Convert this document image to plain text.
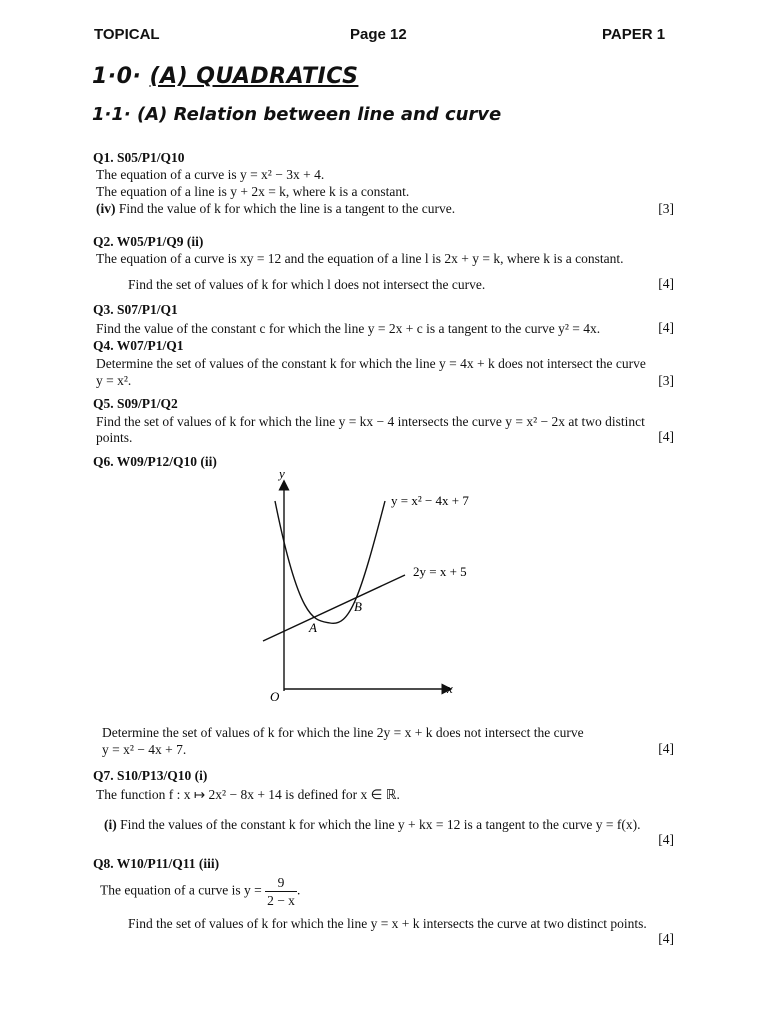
TOPICAL	Page 12	PAPER 1
1·0· (A) QUADRATICS
1·1· (A) Relation between line and curve
Q1. S05/P1/Q10
The equation of a curve is y = x² − 3x + 4.
The equation of a line is y + 2x = k, where k is a constant.
(iv) Find the value of k for which the line is a tangent to the curve.	[3]
Q2. W05/P1/Q9 (ii)
The equation of a curve is xy = 12 and the equation of a line l is 2x + y = k, where k is a constant.
Find the set of values of k for which l does not intersect the curve.	[4]
Q3. S07/P1/Q1
Find the value of the constant c for which the line y = 2x + c is a tangent to the curve y² = 4x.	[4]
Q4. W07/P1/Q1
Determine the set of values of the constant k for which the line y = 4x + k does not intersect the curve
y = x².	[3]
Q5. S09/P1/Q2
Find the set of values of k for which the line y = kx − 4 intersects the curve y = x² − 2x at two distinct
points.	[4]
Q6. W09/P12/Q10 (ii)
y
x
O
y = x² − 4x + 7
2y = x + 5
A
B
Determine the set of values of k for which the line 2y = x + k does not intersect the curve
y = x² − 4x + 7.	[4]
Q7. S10/P13/Q10 (i)
The function f : x ↦ 2x² − 8x + 14 is defined for x ∈ ℝ.
(i) Find the values of the constant k for which the line y + kx = 12 is a tangent to the curve y = f(x).
[4]
Q8. W10/P11/Q11 (iii)
The equation of a curve is $y = \frac{9}{2 - x}$ .
Find the set of values of k for which the line y = x + k intersects the curve at two distinct points.
[4]
